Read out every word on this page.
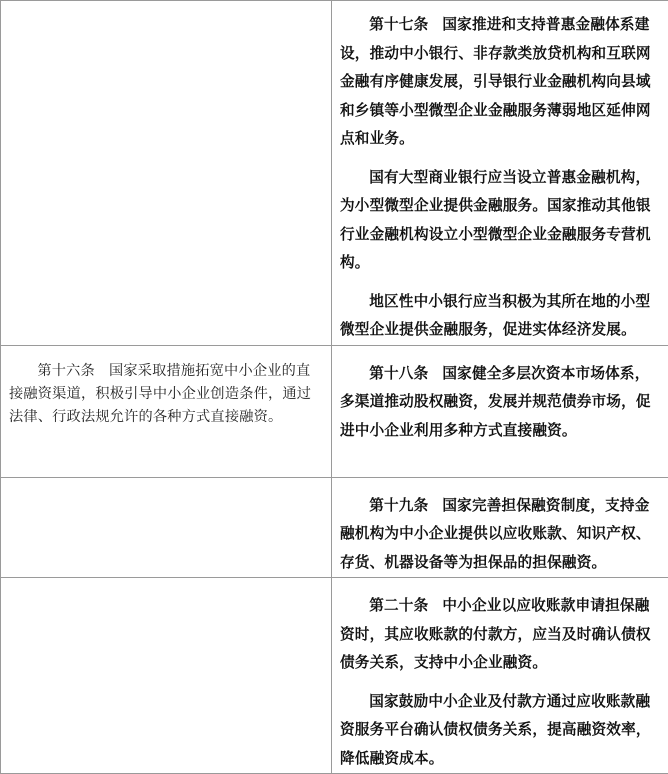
	第十七条 国家推进和支持普惠金融体系建设，推动中小银行、非存款类放贷机构和互联网金融有序健康发展，引导银行业金融机构向县域和乡镇等小型微型企业金融服务薄弱地区延伸网点和业务。

国有大型商业银行应当设立普惠金融机构，为小型微型企业提供金融服务。国家推动其他银行业金融机构设立小型微型企业金融服务专营机构。

地区性中小银行应当积极为其所在地的小型微型企业提供金融服务，促进实体经济发展。

第十六条 国家采取措施拓宽中小企业的直接融资渠道，积极引导中小企业创造条件，通过法律、行政法规允许的各种方式直接融资。	第十八条 国家健全多层次资本市场体系，多渠道推动股权融资，发展并规范债券市场，促进中小企业利用多种方式直接融资。

	第十九条 国家完善担保融资制度，支持金融机构为中小企业提供以应收账款、知识产权、存货、机器设备等为担保品的担保融资。

	第二十条 中小企业以应收账款申请担保融资时，其应收账款的付款方，应当及时确认债权债务关系，支持中小企业融资。

国家鼓励中小企业及付款方通过应收账款融资服务平台确认债权债务关系，提高融资效率，降低融资成本。
